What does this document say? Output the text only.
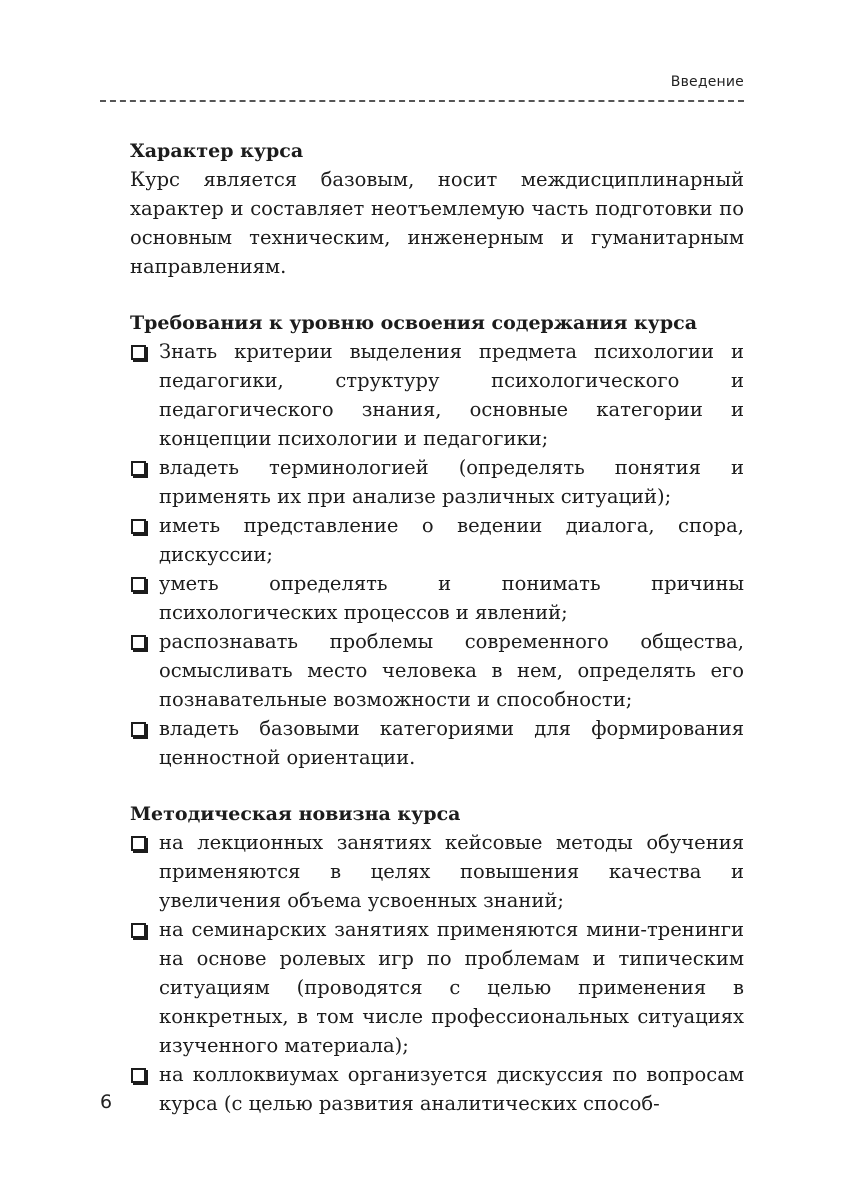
Введение
Характер курса

Курс является базовым, носит междисциплинарный характер и составляет неотъемлемую часть подготовки по основным техническим, инженерным и гуманитарным направлениям.

Требования к уровню освоения содержания курса
Знать критерии выделения предмета психологии и педагогики, структуру психологического и педагогического знания, основные категории и концепции психологии и педагогики;
владеть терминологией (определять понятия и применять их при анализе различных ситуаций);
иметь представление о ведении диалога, спора, дискуссии;
уметь определять и понимать причины психологических процессов и явлений;
распознавать проблемы современного общества, осмысливать место человека в нем, определять его познавательные возможности и способности;
владеть базовыми категориями для формирования ценностной ориентации.
Методическая новизна курса
на лекционных занятиях кейсовые методы обучения применяются в целях повышения качества и увеличения объема усвоенных знаний;
на семинарских занятиях применяются мини-тренинги на основе ролевых игр по проблемам и типическим ситуациям (проводятся с целью применения в конкретных, в том числе профессиональных ситуациях изученного материала);
на коллоквиумах организуется дискуссия по вопросам курса (с целью развития аналитических способ-
6
